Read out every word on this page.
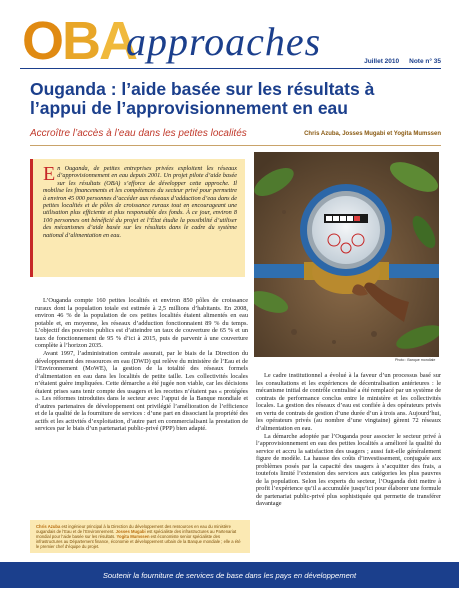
OBA
approaches	Juillet 2010 Note n° 35
Ouganda : l’aide basée sur les résultats à l’appui de l’approvisionnement en eau
Accroître l’accès à l’eau dans les petites localités	Chris Azuba, Josses Mugabi et Yogita Mumssen
En Ouganda, de petites entreprises privées exploitent les réseaux d’approvisionnement en eau depuis 2001. Un projet pilote d’aide basée sur les résultats (OBA) s’efforce de développer cette approche. Il mobilise les financements et les compétences du secteur privé pour permettre à environ 45 000 personnes d’accéder aux réseaux d’adduction d’eau dans de petites localités et de pôles de croissance ruraux tout en encourageant une utilisation plus efficiente et plus responsable des fonds. À ce jour, environ 8 100 personnes ont bénéficié du projet et l’État étudie la possibilité d’utiliser des mécanismes d’aide basée sur les résultats dans le cadre du système national d’alimentation en eau.
Photo : Banque mondiale

L’Ouganda compte 160 petites localités et environ 850 pôles de croissance ruraux dont la population totale est estimée à 2,5 millions d’habitants. En 2008, environ 46 % de la population de ces petites localités étaient alimentés en eau potable et, en moyenne, les réseaux d’adduction fonctionnaient 89 % du temps. L’objectif des pouvoirs publics est d’atteindre un taux de couverture de 65 % et un taux de fonctionnement de 95 % d’ici à 2015, puis de parvenir à une couverture complète à l’horizon 2035.

Avant 1997, l’administration centrale assurait, par le biais de la Direction du développement des ressources en eau (DWD) qui relève du ministère de l’Eau et de l’Environnement (MoWE), la gestion de la totalité des réseaux formels d’alimentation en eau dans les localités de petite taille. Les collectivités locales n’étaient guère impliquées. Cette démarche a été jugée non viable, car les décisions étaient prises sans tenir compte des usagers et les recettes n’étaient pas « protégées ». Les réformes introduites dans le secteur avec l’appui de la Banque mondiale et d’autres partenaires de développement ont privilégié l’amélioration de l’efficience et de la qualité de la fourniture de services : d’une part en dissociant la propriété des actifs et les activités d’exploitation, d’autre part en commercialisant la prestation de services par le biais d’un partenariat public-privé (PPP) bien adapté.

Le cadre institutionnel a évolué à la faveur d’un processus basé sur les consultations et les expériences de décentralisation antérieures : le mécanisme initial de contrôle centralisé a été remplacé par un système de contrats de performance conclus entre le ministère et les collectivités locales. La gestion des réseaux d’eau est confiée à des opérateurs privés en vertu de contrats de gestion d’une durée d’un à trois ans. Aujourd’hui, les opérateurs privés (au nombre d’une vingtaine) gèrent 72 réseaux d’alimentation en eau.

La démarche adoptée par l’Ouganda pour associer le secteur privé à l’approvisionnement en eau des petites localités a amélioré la qualité du service et accru la satisfaction des usagers ; aussi fait-elle généralement figure de modèle. La hausse des coûts d’investissement, conjuguée aux problèmes posés par la capacité des usagers à s’acquitter des frais, a toutefois limité l’extension des services aux catégories les plus pauvres de la population. Selon les experts du secteur, l’Ouganda doit mettre à profit l’expérience qu’il a accumulée jusqu’ici pour élaborer une formule de partenariat public-privé plus sophistiquée qui permette de transférer davantage

Chris Azuba est ingénieur principal à la Direction du développement des ressources en eau du ministère ougandais de l’Eau et de l’Environnement. Josses Mugabi est spécialiste des infrastructures au Partenariat mondial pour l’aide basée sur les résultats. Yogita Mumssen est économiste senior spécialiste des infrastructures au Département finance, économie et développement urbain de la Banque mondiale ; elle a été le premier chef d’équipe du projet.
Soutenir la fourniture de services de base dans les pays en développement
